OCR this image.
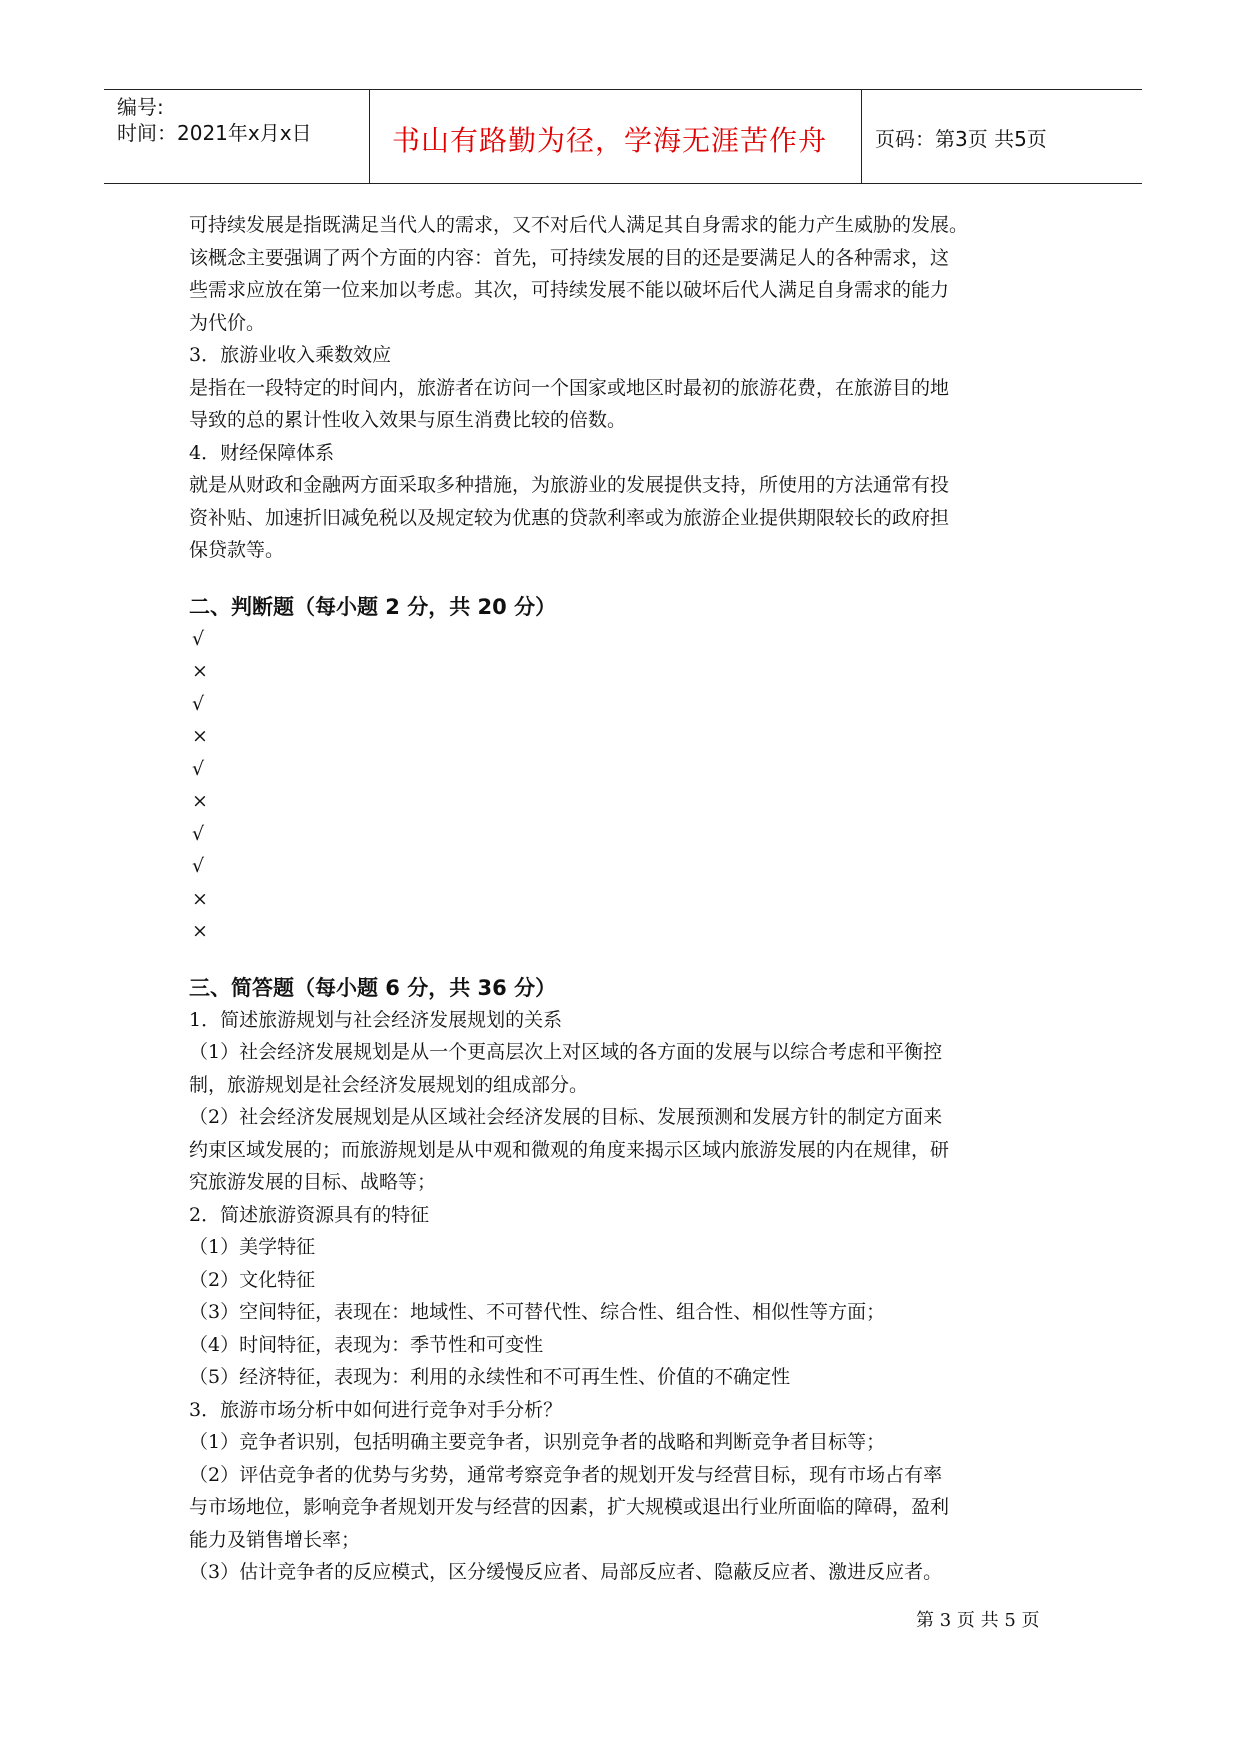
编号:
时间：2021年x月x日	书山有路勤为径，学海无涯苦作舟 页码：第3页 共5页
可持续发展是指既满足当代人的需求，又不对后代人满足其自身需求的能力产生威胁的发展。
该概念主要强调了两个方面的内容：首先，可持续发展的目的还是要满足人的各种需求，这
些需求应放在第一位来加以考虑。其次，可持续发展不能以破坏后代人满足自身需求的能力
为代价。
3．旅游业收入乘数效应
是指在一段特定的时间内，旅游者在访问一个国家或地区时最初的旅游花费，在旅游目的地
导致的总的累计性收入效果与原生消费比较的倍数。
4．财经保障体系
就是从财政和金融两方面采取多种措施，为旅游业的发展提供支持，所使用的方法通常有投
资补贴、加速折旧减免税以及规定较为优惠的贷款利率或为旅游企业提供期限较长的政府担
保贷款等。
二、判断题（每小题 2 分，共 20 分）
√
×
√
×
√
×
√
√
×
×
三、简答题（每小题 6 分，共 36 分）
1．简述旅游规划与社会经济发展规划的关系
（1）社会经济发展规划是从一个更高层次上对区域的各方面的发展与以综合考虑和平衡控
制，旅游规划是社会经济发展规划的组成部分。
（2）社会经济发展规划是从区域社会经济发展的目标、发展预测和发展方针的制定方面来
约束区域发展的；而旅游规划是从中观和微观的角度来揭示区域内旅游发展的内在规律，研
究旅游发展的目标、战略等；
2．简述旅游资源具有的特征
（1）美学特征
（2）文化特征
（3）空间特征，表现在：地域性、不可替代性、综合性、组合性、相似性等方面；
（4）时间特征，表现为：季节性和可变性
（5）经济特征，表现为：利用的永续性和不可再生性、价值的不确定性
3．旅游市场分析中如何进行竞争对手分析？
（1）竞争者识别，包括明确主要竞争者，识别竞争者的战略和判断竞争者目标等；
（2）评估竞争者的优势与劣势，通常考察竞争者的规划开发与经营目标，现有市场占有率
与市场地位，影响竞争者规划开发与经营的因素，扩大规模或退出行业所面临的障碍，盈利
能力及销售增长率；
（3）估计竞争者的反应模式，区分缓慢反应者、局部反应者、隐蔽反应者、激进反应者。
第 3 页 共 5 页
